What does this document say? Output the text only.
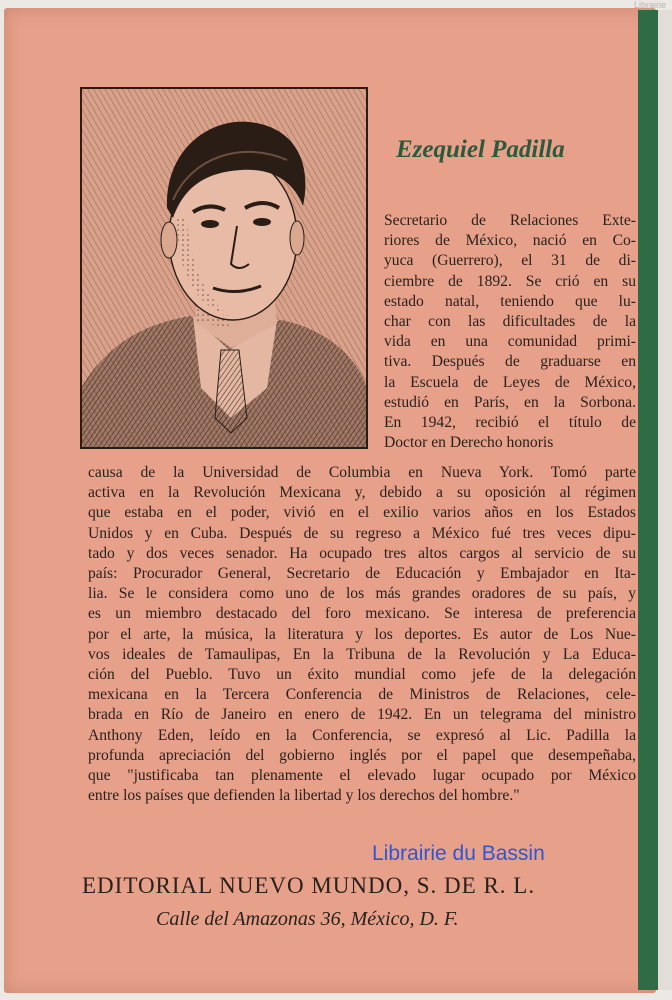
Librairie
Ezequiel Padilla

Secretario de Relaciones Exte-

riores de México, nació en Co-

yuca (Guerrero), el 31 de di-

ciembre de 1892. Se crió en su

estado natal, teniendo que lu-

char con las dificultades de la

vida en una comunidad primi-

tiva. Después de graduarse en

la Escuela de Leyes de México,

estudió en París, en la Sorbona.

En 1942, recibió el título de

Doctor en Derecho honoris

causa de la Universidad de Columbia en Nueva York. Tomó parte

activa en la Revolución Mexicana y, debido a su oposición al régimen

que estaba en el poder, vivió en el exilio varios años en los Estados

Unidos y en Cuba. Después de su regreso a México fué tres veces dipu-

tado y dos veces senador. Ha ocupado tres altos cargos al servicio de su

país: Procurador General, Secretario de Educación y Embajador en Ita-

lia. Se le considera como uno de los más grandes oradores de su país, y

es un miembro destacado del foro mexicano. Se interesa de preferencia

por el arte, la música, la literatura y los deportes. Es autor de Los Nue-

vos ideales de Tamaulipas, En la Tribuna de la Revolución y La Educa-

ción del Pueblo. Tuvo un éxito mundial como jefe de la delegación

mexicana en la Tercera Conferencia de Ministros de Relaciones, cele-

brada en Río de Janeiro en enero de 1942. En un telegrama del ministro

Anthony Eden, leído en la Conferencia, se expresó al Lic. Padilla la

profunda apreciación del gobierno inglés por el papel que desempeñaba,

que "justificaba tan plenamente el elevado lugar ocupado por México

entre los países que defienden la libertad y los derechos del hombre."

Librairie du Bassin
EDITORIAL NUEVO MUNDO, S. DE R. L.
Calle del Amazonas 36, México, D. F.
